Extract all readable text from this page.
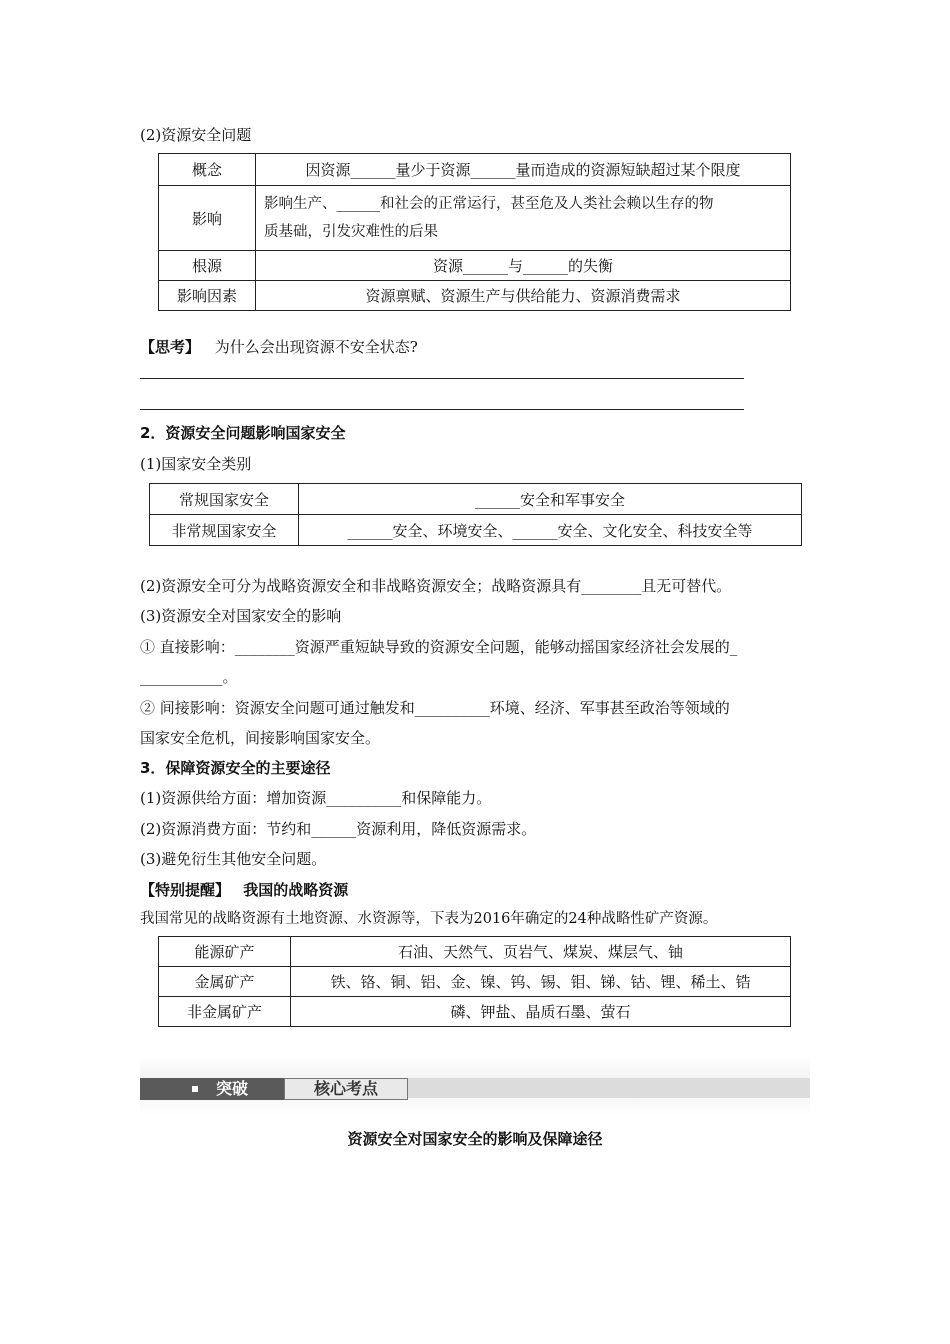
(2)资源安全问题
概念	因资源______量少于资源______量而造成的资源短缺超过某个限度
影响	影响生产、______和社会的正常运行，甚至危及人类社会赖以生存的物
质基础，引发灾难性的后果

根源	资源______与______的失衡
影响因素	资源禀赋、资源生产与供给能力、资源消费需求
【思考】 为什么会出现资源不安全状态?
2．资源安全问题影响国家安全
(1)国家安全类别
常规国家安全	______安全和军事安全
非常规国家安全	______安全、环境安全、______安全、文化安全、科技安全等
(2)资源安全可分为战略资源安全和非战略资源安全；战略资源具有________且无可替代。
(3)资源安全对国家安全的影响
① 直接影响：________资源严重短缺导致的资源安全问题，能够动摇国家经济社会发展的_
___________。
② 间接影响：资源安全问题可通过触发和__________环境、经济、军事甚至政治等领域的
国家安全危机，间接影响国家安全。
3．保障资源安全的主要途径
(1)资源供给方面：增加资源__________和保障能力。
(2)资源消费方面：节约和______资源利用，降低资源需求。
(3)避免衍生其他安全问题。
【特别提醒】 我国的战略资源
我国常见的战略资源有土地资源、水资源等，下表为2016年确定的24种战略性矿产资源。
能源矿产	石油、天然气、页岩气、煤炭、煤层气、铀
金属矿产	铁、铬、铜、铝、金、镍、钨、锡、钼、锑、钴、锂、稀土、锆
非金属矿产	磷、钾盐、晶质石墨、萤石
突破	核心考点
资源安全对国家安全的影响及保障途径
